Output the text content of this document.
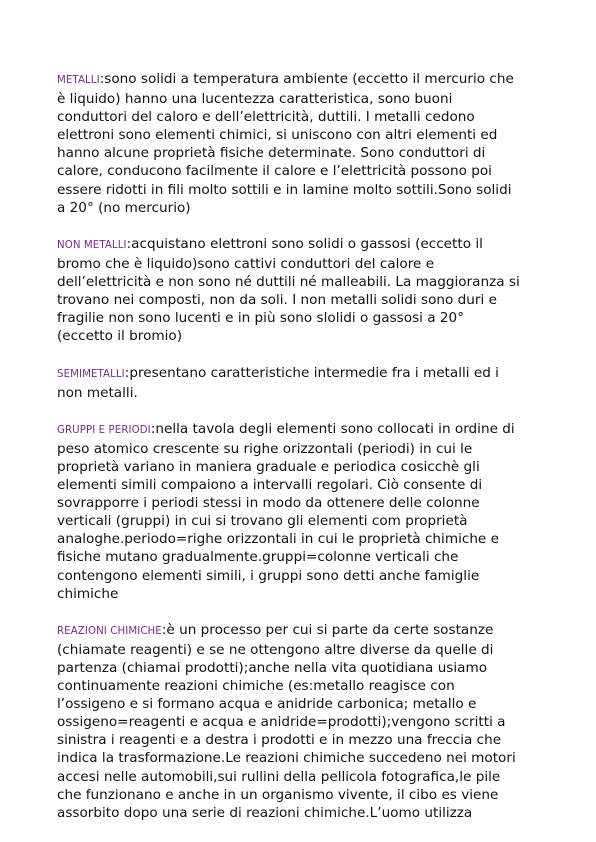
METALLI:sono solidi a temperatura ambiente (eccetto il mercurio che
è liquido) hanno una lucentezza caratteristica, sono buoni
conduttori del caloro e dell’elettricità, duttili. I metalli cedono
elettroni sono elementi chimici, si uniscono con altri elementi ed
hanno alcune proprietà fisiche determinate. Sono conduttori di
calore, conducono facilmente il calore e l’elettricità possono poi
essere ridotti in fili molto sottili e in lamine molto sottili.Sono solidi
a 20° (no mercurio)

NON METALLI:acquistano elettroni sono solidi o gassosi (eccetto il
bromo che è liquido)sono cattivi conduttori del calore e
dell’elettricità e non sono né duttili né malleabili. La maggioranza si
trovano nei composti, non da soli. I non metalli solidi sono duri e
fragilie non sono lucenti e in più sono slolidi o gassosi a 20°
(eccetto il bromio)

SEMIMETALLI:presentano caratteristiche intermedie fra i metalli ed i
non metalli.

GRUPPI E PERIODI:nella tavola degli elementi sono collocati in ordine di
peso atomico crescente su righe orizzontali (periodi) in cui le
proprietà variano in maniera graduale e periodica cosicchè gli
elementi simili compaiono a intervalli regolari. Ciò consente di
sovrapporre i periodi stessi in modo da ottenere delle colonne
verticali (gruppi) in cui si trovano gli elementi com proprietà
analoghe.periodo=righe orizzontali in cui le proprietà chimiche e
fisiche mutano gradualmente.gruppi=colonne verticali che
contengono elementi simili, i gruppi sono detti anche famiglie
chimiche

REAZIONI CHIMICHE:è un processo per cui si parte da certe sostanze
(chiamate reagenti) e se ne ottengono altre diverse da quelle di
partenza (chiamai prodotti);anche nella vita quotidiana usiamo
continuamente reazioni chimiche (es:metallo reagisce con
l’ossigeno e si formano acqua e anidride carbonica; metallo e
ossigeno=reagenti e acqua e anidride=prodotti);vengono scritti a
sinistra i reagenti e a destra i prodotti e in mezzo una freccia che
indica la trasformazione.Le reazioni chimiche succedeno nei motori
accesi nelle automobili,sui rullini della pellicola fotografica,le pile
che funzionano e anche in un organismo vivente, il cibo es viene
assorbito dopo una serie di reazioni chimiche.L’uomo utilizza
